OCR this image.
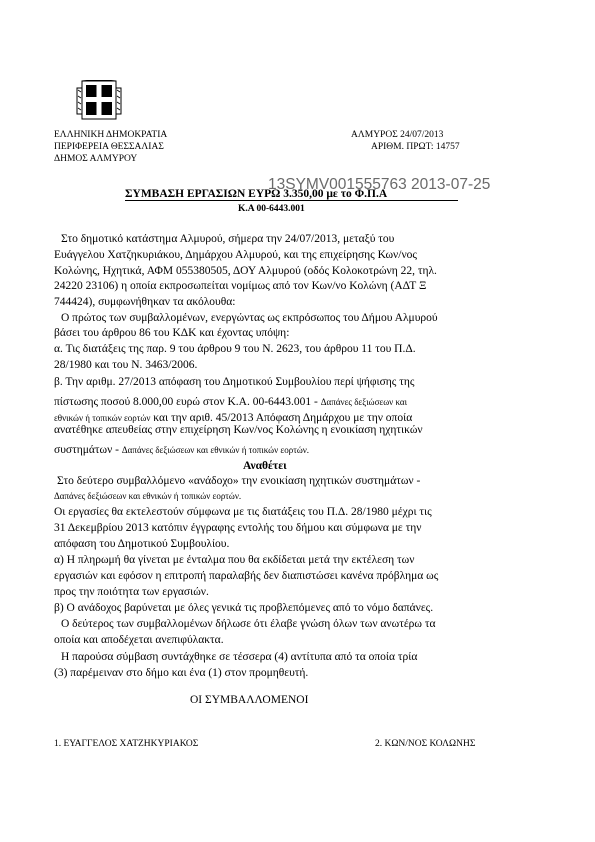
ΕΛΛΗΝΙΚΗ ΔΗΜΟΚΡΑΤΙΑ
ΠΕΡΙΦΕΡΕΙΑ ΘΕΣΣΑΛΙΑΣ
ΔΗΜΟΣ ΑΛΜΥΡΟΥ
ΑΛΜΥΡΟΣ 24/07/2013
ΑΡΙΘΜ. ΠΡΩΤ: 14757
13SYMV001555763 2013-07-25
ΣΥΜΒΑΣΗ ΕΡΓΑΣΙΩΝ ΕΥΡΩ 3.350,00 με το Φ.Π.Α
Κ.Α 00-6443.001
Στο δημοτικό κατάστημα Αλμυρού, σήμερα την 24/07/2013, μεταξύ του
Ευάγγελου Χατζηκυριάκου, Δημάρχου Αλμυρού, και της επιχείρησης Κων/νος
Κολώνης, Ηχητικά, ΑΦΜ 055380505, ΔΟΥ Αλμυρού (οδός Κολοκοτρώνη 22, τηλ.
24220 23106) η οποία εκπροσωπείται νομίμως από τον Κων/νο Κολώνη (ΑΔΤ Ξ
744424), συμφωνήθηκαν τα ακόλουθα:
Ο πρώτος των συμβαλλομένων, ενεργώντας ως εκπρόσωπος του Δήμου Αλμυρού
βάσει του άρθρου 86 του ΚΔΚ και έχοντας υπόψη:
α. Τις διατάξεις της παρ. 9 του άρθρου 9 του Ν. 2623, του άρθρου 11 του Π.Δ.
28/1980 και του Ν. 3463/2006.
β. Την αριθμ. 27/2013 απόφαση του Δημοτικού Συμβουλίου περί ψήφισης της
πίστωσης ποσού 8.000,00 ευρώ στον Κ.Α. 00-6443.001 - Δαπάνες δεξιώσεων και
εθνικών ή τοπικών εορτών και την αριθ. 45/2013 Απόφαση Δημάρχου με την οποία
ανατέθηκε απευθείας στην επιχείρηση Κων/νος Κολώνης η ενοικίαση ηχητικών
συστημάτων - Δαπάνες δεξιώσεων και εθνικών ή τοπικών εορτών.
Αναθέτει
Στο δεύτερο συμβαλλόμενο «ανάδοχο» την ενοικίαση ηχητικών συστημάτων -
Δαπάνες δεξιώσεων και εθνικών ή τοπικών εορτών.
Οι εργασίες θα εκτελεστούν σύμφωνα με τις διατάξεις του Π.Δ. 28/1980 μέχρι τις
31 Δεκεμβρίου 2013 κατόπιν έγγραφης εντολής του δήμου και σύμφωνα με την
απόφαση του Δημοτικού Συμβουλίου.
α) Η πληρωμή θα γίνεται με ένταλμα που θα εκδίδεται μετά την εκτέλεση των
εργασιών και εφόσον η επιτροπή παραλαβής δεν διαπιστώσει κανένα πρόβλημα ως
προς την ποιότητα των εργασιών.
β) Ο ανάδοχος βαρύνεται με όλες γενικά τις προβλεπόμενες από το νόμο δαπάνες.
Ο δεύτερος των συμβαλλομένων δήλωσε ότι έλαβε γνώση όλων των ανωτέρω τα
οποία και αποδέχεται ανεπιφύλακτα.
Η παρούσα σύμβαση συντάχθηκε σε τέσσερα (4) αντίτυπα από τα οποία τρία
(3) παρέμειναν στο δήμο και ένα (1) στον προμηθευτή.
ΟΙ ΣΥΜΒΑΛΛΟΜΕΝΟΙ
1. ΕΥΑΓΓΕΛΟΣ ΧΑΤΖΗΚΥΡΙΑΚΟΣ	2. ΚΩΝ/ΝΟΣ ΚΟΛΩΝΗΣ
